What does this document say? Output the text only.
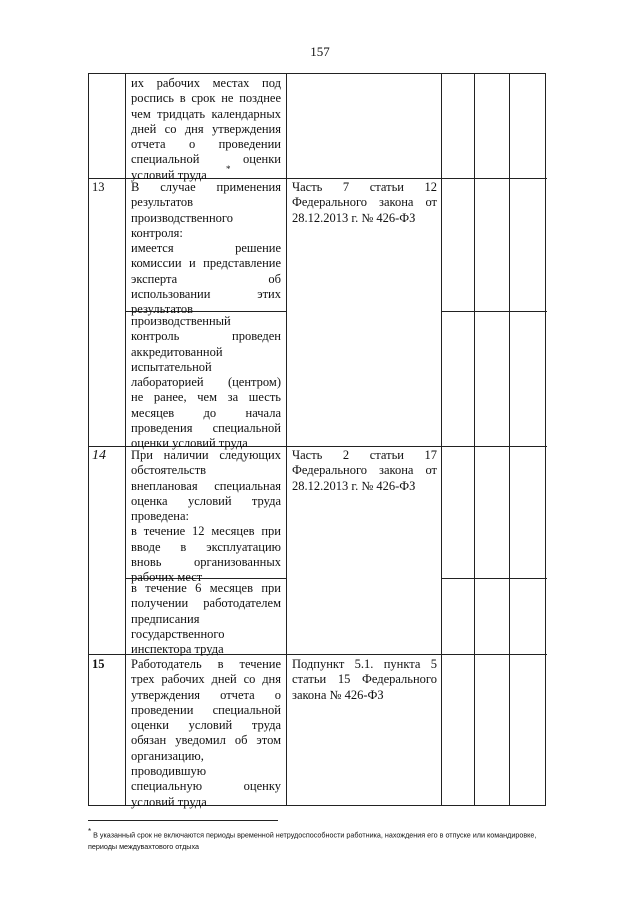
157
их рабочих местах под
роспись в срок не позднее
чем тридцать календарных
дней со дня утверждения
отчета о проведении
специальной оценки
условий труда	*
13 В случае применения
результатов
производственного
контроля:
имеется решение
комиссии и представление
эксперта об
использовании этих
результатов
производственный
контроль проведен
аккредитованной
испытательной
лабораторией (центром)
не ранее, чем за шесть
месяцев до начала
проведения специальной
оценки условий труда
Часть 7 статьи 12
Федерального закона от
28.12.2013 г. № 426-ФЗ
14 При наличии следующих
обстоятельств
внеплановая специальная
оценка условий труда
проведена:
в течение 12 месяцев при
вводе в эксплуатацию
вновь организованных
рабочих мест
в течение 6 месяцев при
получении работодателем
предписания
государственного
инспектора труда
Часть 2 статьи 17
Федерального закона от
28.12.2013 г. № 426-ФЗ
15 Работодатель в течение
трех рабочих дней со дня
утверждения отчета о
проведении специальной
оценки условий труда
обязан уведомил об этом
организацию,
проводившую
специальную оценку
условий труда
Подпункт 5.1. пункта 5
статьи 15 Федерального
закона № 426-ФЗ
* В указанный срок не включаются периоды временной нетрудоспособности работника, нахождения его в отпуске или командировке,
периоды междувахтового отдыха
